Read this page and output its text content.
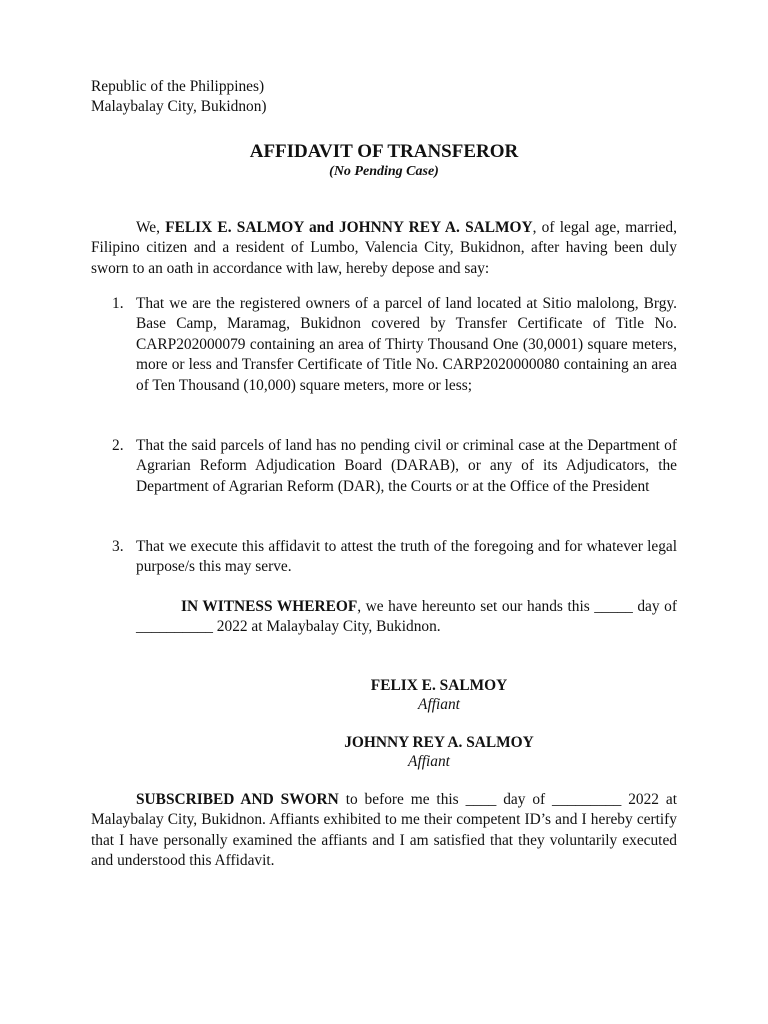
Republic of the Philippines)
Malaybalay City, Bukidnon)
AFFIDAVIT OF TRANSFEROR
(No Pending Case)
We, FELIX E. SALMOY and JOHNNY REY A. SALMOY, of legal age, married, Filipino citizen and a resident of Lumbo, Valencia City, Bukidnon, after having been duly sworn to an oath in accordance with law, hereby depose and say:
1. That we are the registered owners of a parcel of land located at Sitio malolong, Brgy. Base Camp, Maramag, Bukidnon covered by Transfer Certificate of Title No. CARP202000079 containing an area of Thirty Thousand One (30,0001) square meters, more or less and Transfer Certificate of Title No. CARP2020000080 containing an area of Ten Thousand (10,000) square meters, more or less;
2. That the said parcels of land has no pending civil or criminal case at the Department of Agrarian Reform Adjudication Board (DARAB), or any of its Adjudicators, the Department of Agrarian Reform (DAR), the Courts or at the Office of the President
3. That we execute this affidavit to attest the truth of the foregoing and for whatever legal purpose/s this may serve.
IN WITNESS WHEREOF, we have hereunto set our hands this _____ day of __________ 2022 at Malaybalay City, Bukidnon.
FELIX E. SALMOY
Affiant
JOHNNY REY A. SALMOY
Affiant
SUBSCRIBED AND SWORN to before me this ____ day of _________ 2022 at Malaybalay City, Bukidnon. Affiants exhibited to me their competent ID’s and I hereby certify that I have personally examined the affiants and I am satisfied that they voluntarily executed and understood this Affidavit.
